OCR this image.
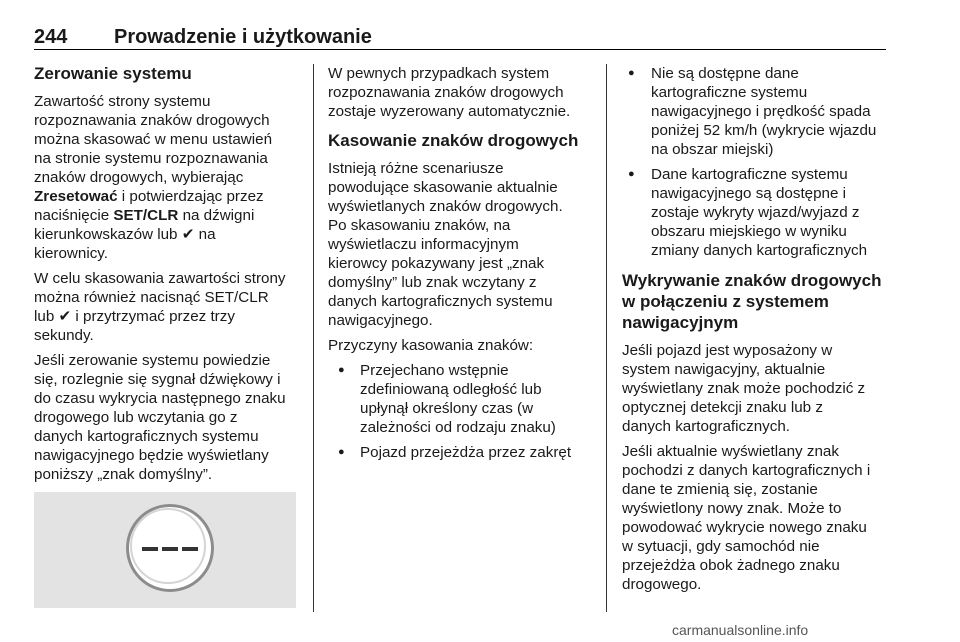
244 Prowadzenie i użytkowanie
Zerowanie systemu

Zawartość strony systemu
rozpoznawania znaków drogowych
można skasować w menu ustawień
na stronie systemu rozpoznawania
znaków drogowych, wybierając
Zresetować i potwierdzając przez
naciśnięcie SET/CLR na dźwigni
kierunkowskazów lub ✔ na
kierownicy.

W celu skasowania zawartości strony
można również nacisnąć SET/CLR
lub ✔ i przytrzymać przez trzy
sekundy.

Jeśli zerowanie systemu powiedzie
się, rozlegnie się sygnał dźwiękowy i
do czasu wykrycia następnego znaku
drogowego lub wczytania go z
danych kartograficznych systemu
nawigacyjnego będzie wyświetlany
poniższy „znak domyślny”.

W pewnych przypadkach system
rozpoznawania znaków drogowych
zostaje wyzerowany automatycznie.

Kasowanie znaków drogowych

Istnieją różne scenariusze
powodujące skasowanie aktualnie
wyświetlanych znaków drogowych.
Po skasowaniu znaków, na
wyświetlaczu informacyjnym
kierowcy pokazywany jest „znak
domyślny” lub znak wczytany z
danych kartograficznych systemu
nawigacyjnego.

Przyczyny kasowania znaków:

● Przejechano wstępnie
zdefiniowaną odległość lub
upłynął określony czas (w
zależności od rodzaju znaku)
● Pojazd przejeżdża przez zakręt
● Nie są dostępne dane
kartograficzne systemu
nawigacyjnego i prędkość spada
poniżej 52 km/h (wykrycie wjazdu
na obszar miejski)
● Dane kartograficzne systemu
nawigacyjnego są dostępne i
zostaje wykryty wjazd/wyjazd z
obszaru miejskiego w wyniku
zmiany danych kartograficznych
Wykrywanie znaków drogowych
w połączeniu z systemem
nawigacyjnym

Jeśli pojazd jest wyposażony w
system nawigacyjny, aktualnie
wyświetlany znak może pochodzić z
optycznej detekcji znaku lub z
danych kartograficznych.

Jeśli aktualnie wyświetlany znak
pochodzi z danych kartograficznych i
dane te zmienią się, zostanie
wyświetlony nowy znak. Może to
powodować wykrycie nowego znaku
w sytuacji, gdy samochód nie
przejeżdża obok żadnego znaku
drogowego.

carmanualsonline.info
